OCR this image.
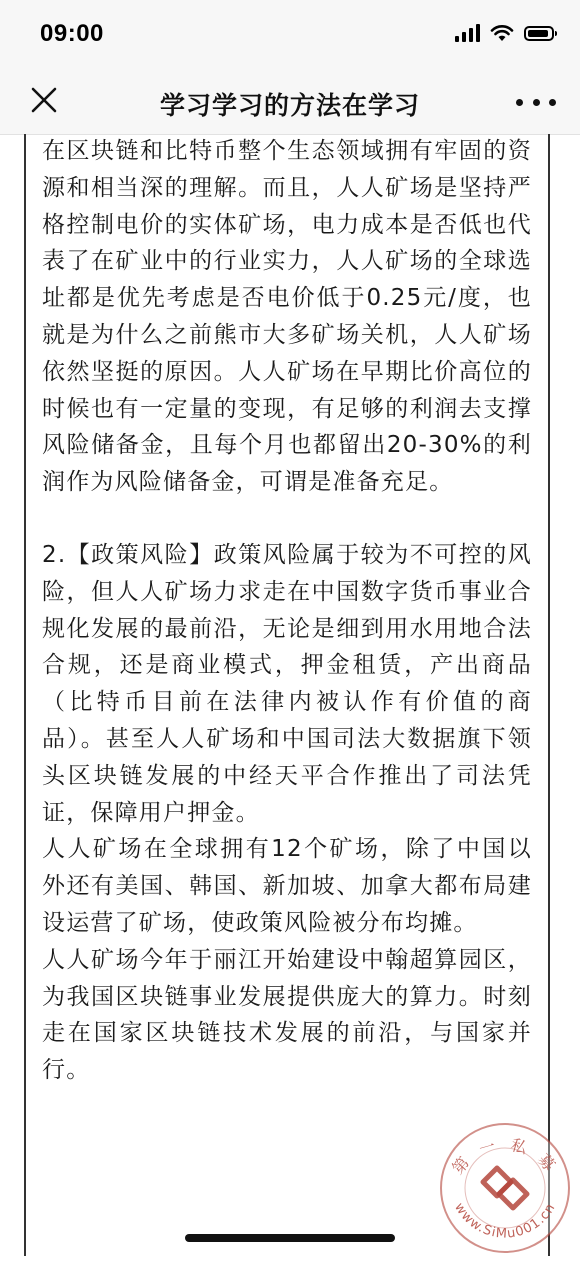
09:00
学习学习的方法在学习

在区块链和比特币整个生态领域拥有牢固的资源和相当深的理解。而且，人人矿场是坚持严格控制电价的实体矿场，电力成本是否低也代表了在矿业中的行业实力，人人矿场的全球选址都是优先考虑是否电价低于0.25元/度，也就是为什么之前熊市大多矿场关机，人人矿场依然坚挺的原因。人人矿场在早期比价高位的时候也有一定量的变现，有足够的利润去支撑风险储备金，且每个月也都留出20-30%的利润作为风险储备金，可谓是准备充足。

2.【政策风险】政策风险属于较为不可控的风险，但人人矿场力求走在中国数字货币事业合规化发展的最前沿，无论是细到用水用地合法合规，还是商业模式，押金租赁，产出商品（比特币目前在法律内被认作有价值的商品）。甚至人人矿场和中国司法大数据旗下领头区块链发展的中经天平合作推出了司法凭证，保障用户押金。

人人矿场在全球拥有12个矿场，除了中国以外还有美国、韩国、新加坡、加拿大都布局建设运营了矿场，使政策风险被分布均摊。

人人矿场今年于丽江开始建设中翰超算园区，为我国区块链事业发展提供庞大的算力。时刻走在国家区块链技术发展的前沿，与国家并行。

第 一 私 募
www.SiMu001.cn
